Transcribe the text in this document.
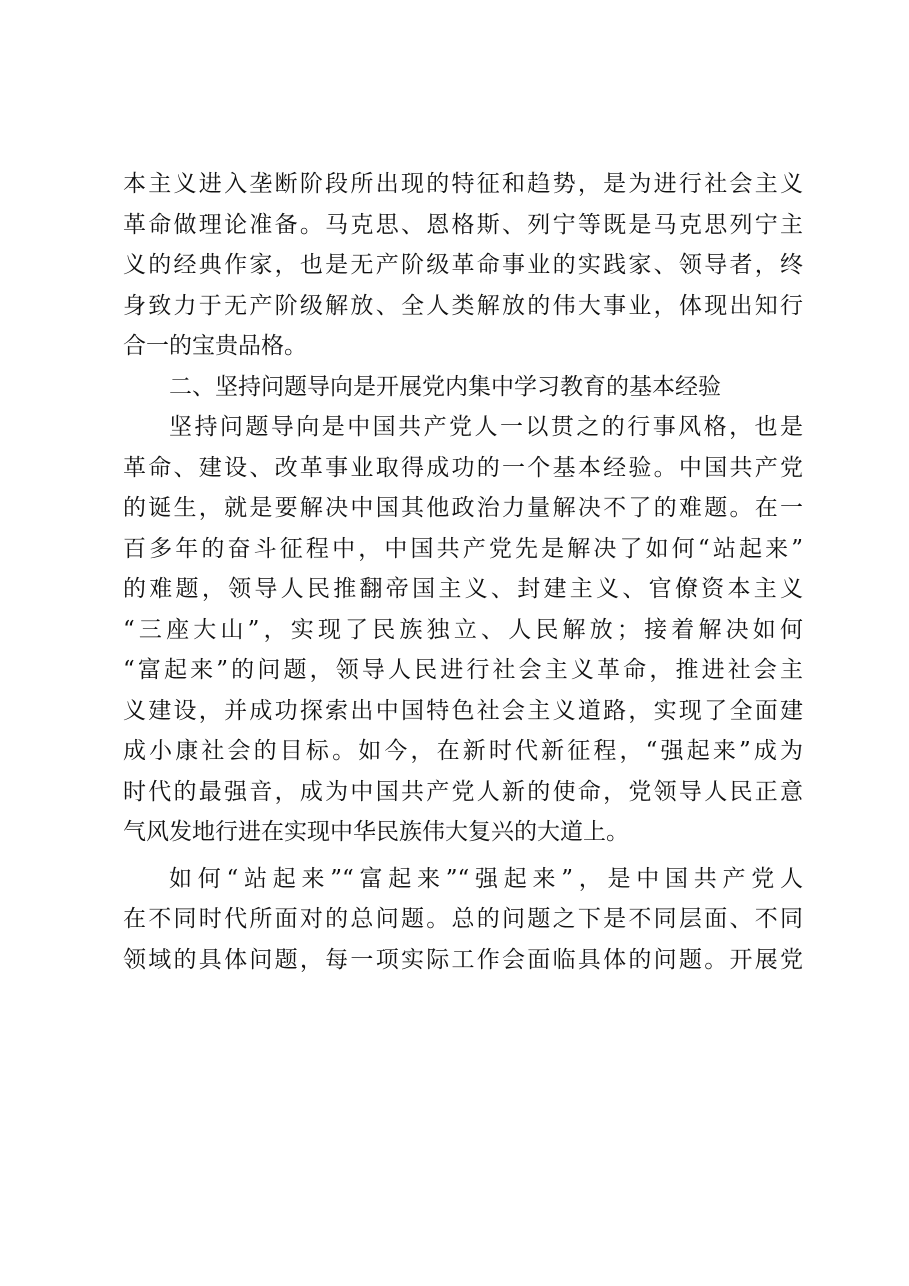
本主义进入垄断阶段所出现的特征和趋势，是为进行社会主义
革命做理论准备。马克思、恩格斯、列宁等既是马克思列宁主
义的经典作家，也是无产阶级革命事业的实践家、领导者，终
身致力于无产阶级解放、全人类解放的伟大事业，体现出知行
合一的宝贵品格。
二、坚持问题导向是开展党内集中学习教育的基本经验
坚持问题导向是中国共产党人一以贯之的行事风格，也是
革命、建设、改革事业取得成功的一个基本经验。中国共产党
的诞生，就是要解决中国其他政治力量解决不了的难题。在一
百多年的奋斗征程中，中国共产党先是解决了如何“站起来”
的难题，领导人民推翻帝国主义、封建主义、官僚资本主义
“三座大山”，实现了民族独立、人民解放；接着解决如何
“富起来”的问题，领导人民进行社会主义革命，推进社会主
义建设，并成功探索出中国特色社会主义道路，实现了全面建
成小康社会的目标。如今，在新时代新征程，“强起来”成为
时代的最强音，成为中国共产党人新的使命，党领导人民正意
气风发地行进在实现中华民族伟大复兴的大道上。
如何“站起来”“富起来”“强起来”，是中国共产党人
在不同时代所面对的总问题。总的问题之下是不同层面、不同
领域的具体问题，每一项实际工作会面临具体的问题。开展党
